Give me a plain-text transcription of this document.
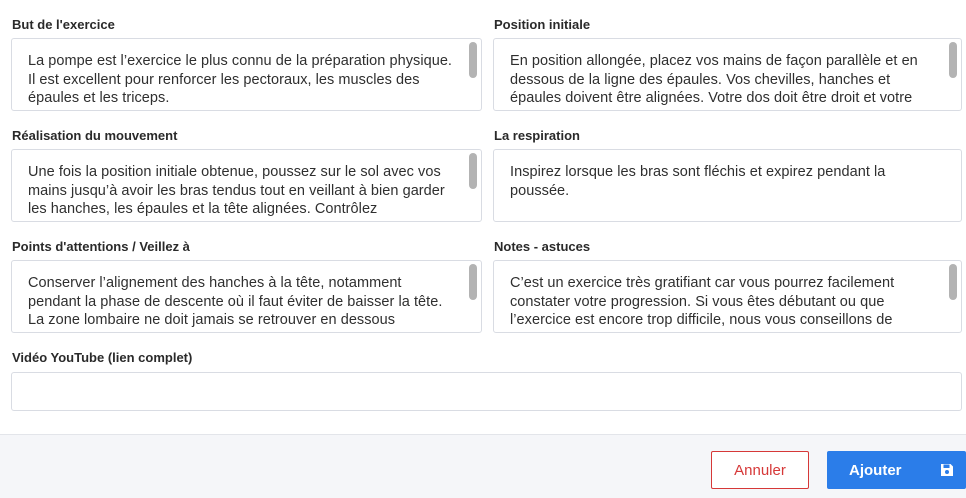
But de l'exercice
La pompe est l’exercice le plus connu de la préparation physique. Il est excellent pour renforcer les pectoraux, les muscles des épaules et les triceps.
Position initiale
En position allongée, placez vos mains de façon parallèle et en dessous de la ligne des épaules. Vos chevilles, hanches et épaules doivent être alignées. Votre dos doit être droit et votre
Réalisation du mouvement
Une fois la position initiale obtenue, poussez sur le sol avec vos mains jusqu’à avoir les bras tendus tout en veillant à bien garder les hanches, les épaules et la tête alignées. Contrôlez
La respiration
Inspirez lorsque les bras sont fléchis et expirez pendant la poussée.
Points d'attentions / Veillez à
Conserver l’alignement des hanches à la tête, notamment pendant la phase de descente où il faut éviter de baisser la tête. La zone lombaire ne doit jamais se retrouver en dessous
Notes - astuces
C’est un exercice très gratifiant car vous pourrez facilement constater votre progression. Si vous êtes débutant ou que l’exercice est encore trop difficile, nous vous conseillons de
Vidéo YouTube (lien complet)
Annuler	Ajouter
